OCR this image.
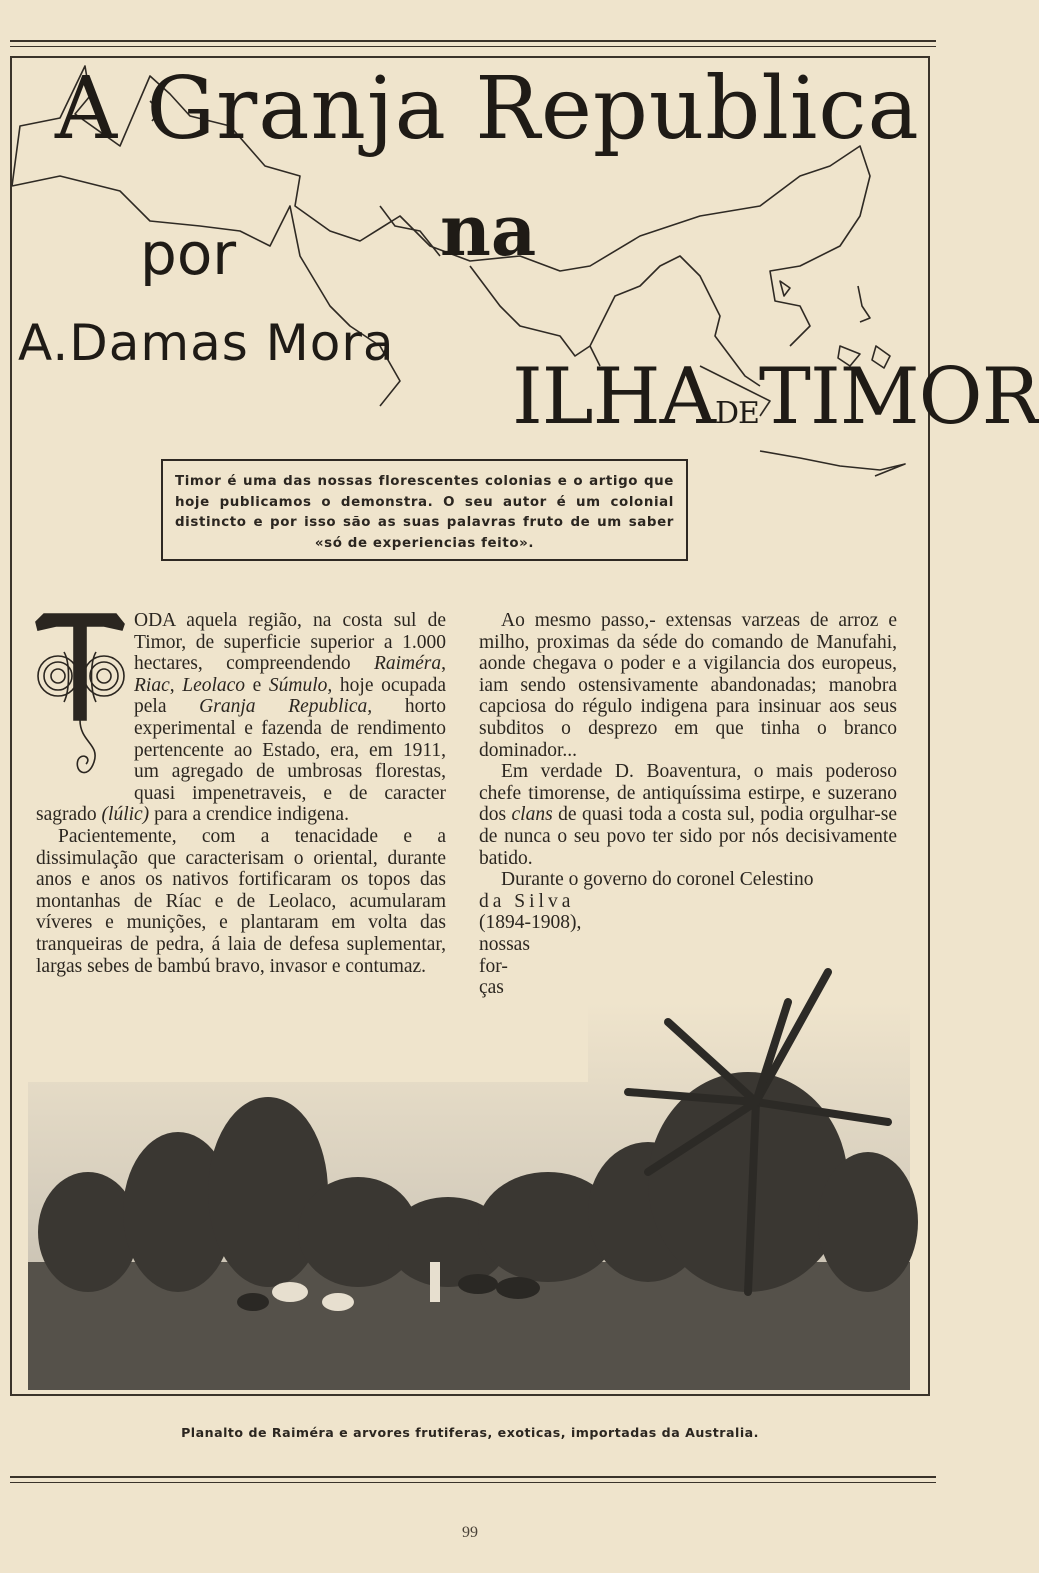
A Granja Republica
na
por
A.Damas Mora
ILHADETIMOR
Timor é uma das nossas florescentes colonias e o artigo que hoje publicamos o demonstra. O seu autor é um colonial distincto e por isso são as suas palavras fruto de um saber «só de experiencias feito».

ODA aquela região, na costa sul de Timor, de superficie superior a 1.000 hectares, compreendendo Raiméra, Riac, Leolaco e Súmulo, hoje ocupada pela Granja Republica, horto experimental e fazenda de rendimento pertencente ao Estado, era, em 1911, um agregado de umbrosas florestas, quasi impenetraveis, e de caracter sagrado (lúlic) para a crendice indigena.

Pacientemente, com a tenacidade e a dissimulação que caracterisam o oriental, durante anos e anos os nativos fortificaram os topos das montanhas de Ríac e de Leolaco, acumularam víveres e munições, e plantaram em volta das tranqueiras de pedra, á laia de defesa suplementar, largas sebes de bambú bravo, invasor e contumaz.

Ao mesmo passo,- extensas varzeas de arroz e milho, proximas da séde do comando de Manufahi, aonde chegava o poder e a vigilancia dos europeus, iam sendo ostensivamente abandonadas; manobra capciosa do régulo indigena para insinuar aos seus subditos o desprezo em que tinha o branco dominador...

Em verdade D. Boaventura, o mais poderoso chefe timorense, de antiquíssima estirpe, e suzerano dos clans de quasi toda a costa sul, podia orgulhar-se de nunca o seu povo ter sido por nós decisivamente batido.

Durante o governo do coronel Celestino

da Silva

(1894-1908),

nossas

for-

ças

Planalto de Raiméra e arvores frutiferas, exoticas, importadas da Australia.
99
